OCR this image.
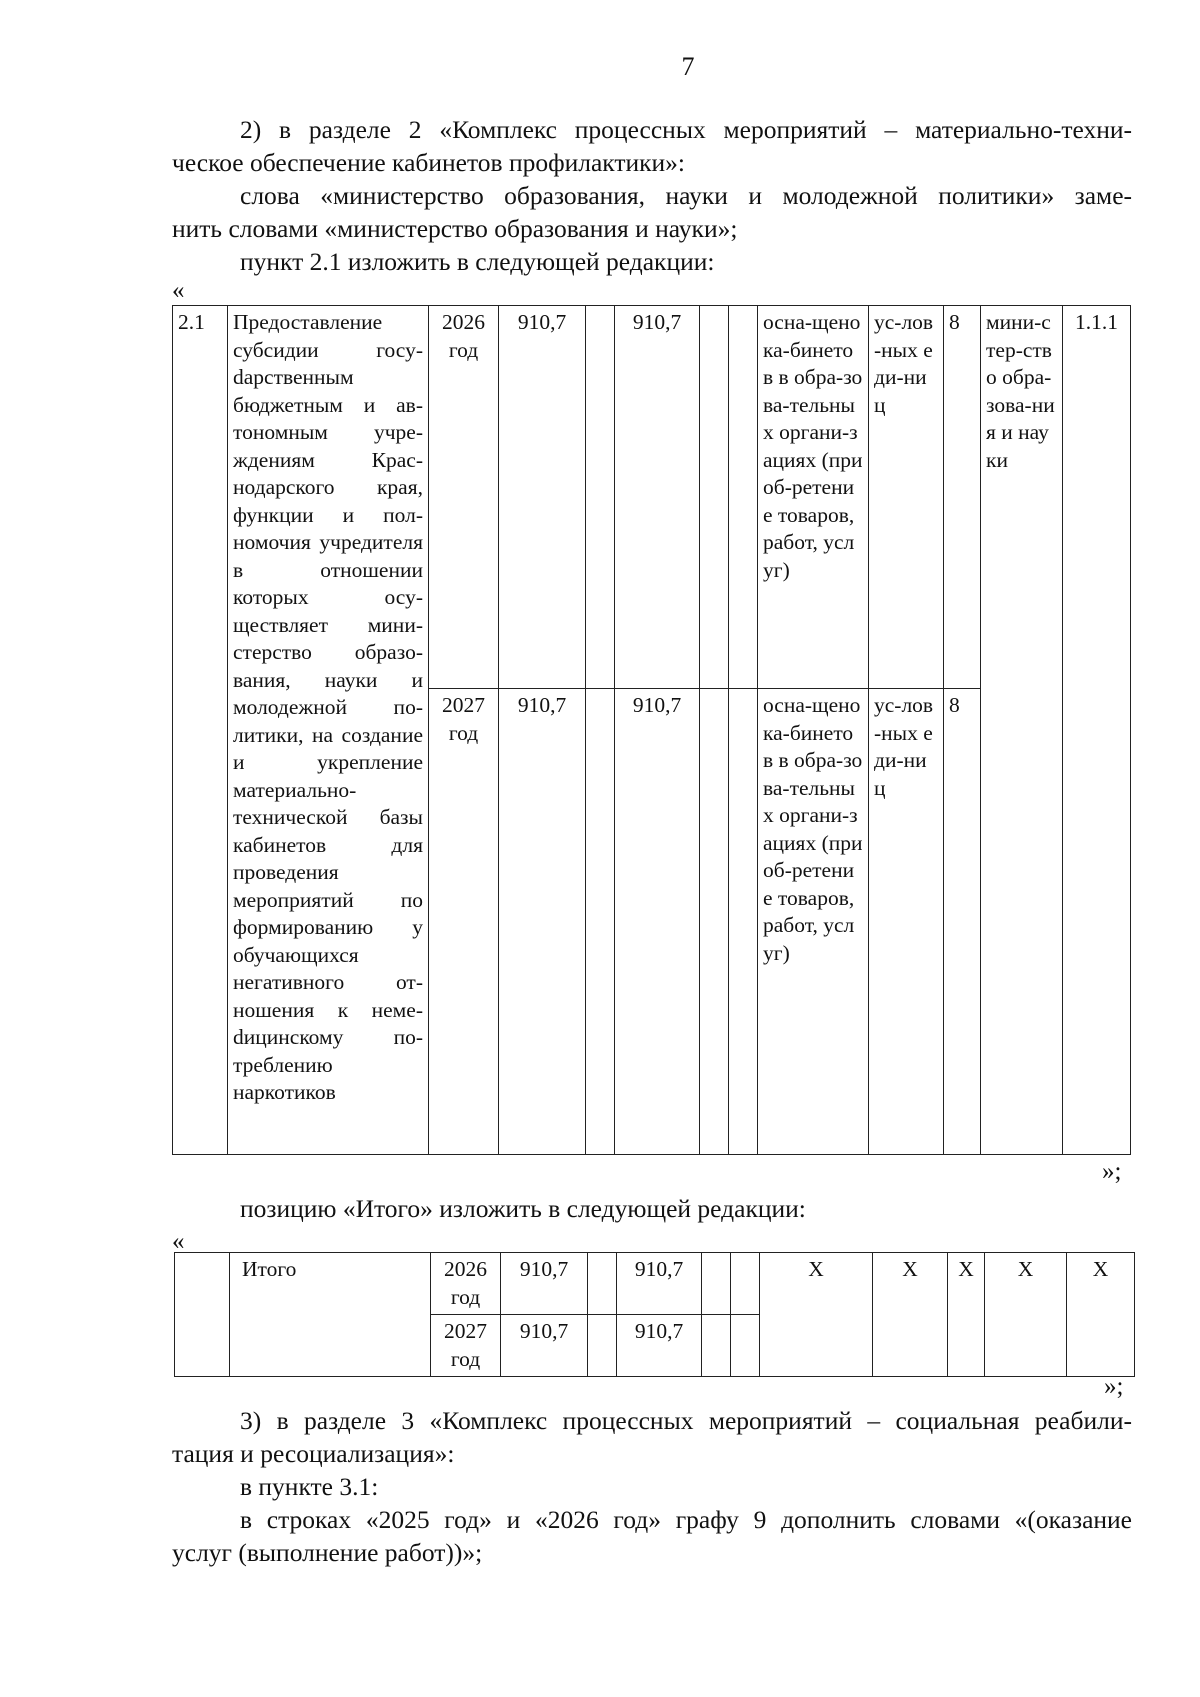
7

2) в разделе 2 «Комплекс процессных мероприятий – материально-техни-

ческое обеспечение кабинетов профилактики»:

слова «министерство образования, науки и молодежной политики» заме-

нить словами «министерство образования и науки»;

пункт 2.1 изложить в следующей редакции:

«
2.1	Предоставление субсидии госуdарственным бюджетным и автономным учреждениям Краснодарского края, функции и полномочия учредителя в отношении которых осуществляет министерство образования, науки и молодежной политики, на создание и укрепление материально-технической базы кабинетов для проведения мероприятий по формированию у обучающихся негативного отношения к немеdицинскому потреблению наркотиков	2026 год	910,7		910,7			осна-щено ка-бинетов в обра-зова-тельных органи-зациях (приоб-ретение товаров, работ, услуг)	ус-лов-ных еди-ниц	8	мини-стер-ство обра-зова-ния и науки	1.1.1
		2027 год	910,7		910,7			осна-щено ка-бинетов в обра-зова-тельных органи-зациях (приоб-ретение товаров, работ, услуг)	ус-лов-ных еди-ниц	8		
»;

позицию «Итого» изложить в следующей редакции:

«
	Итого	2026 год	910,7		910,7			X	X	X	X	X
		2027 год	910,7		910,7							
»;

3) в разделе 3 «Комплекс процессных мероприятий – социальная реабили-

тация и ресоциализация»:

в пункте 3.1:

в строках «2025 год» и «2026 год» графу 9 дополнить словами «(оказание

услуг (выполнение работ))»;
